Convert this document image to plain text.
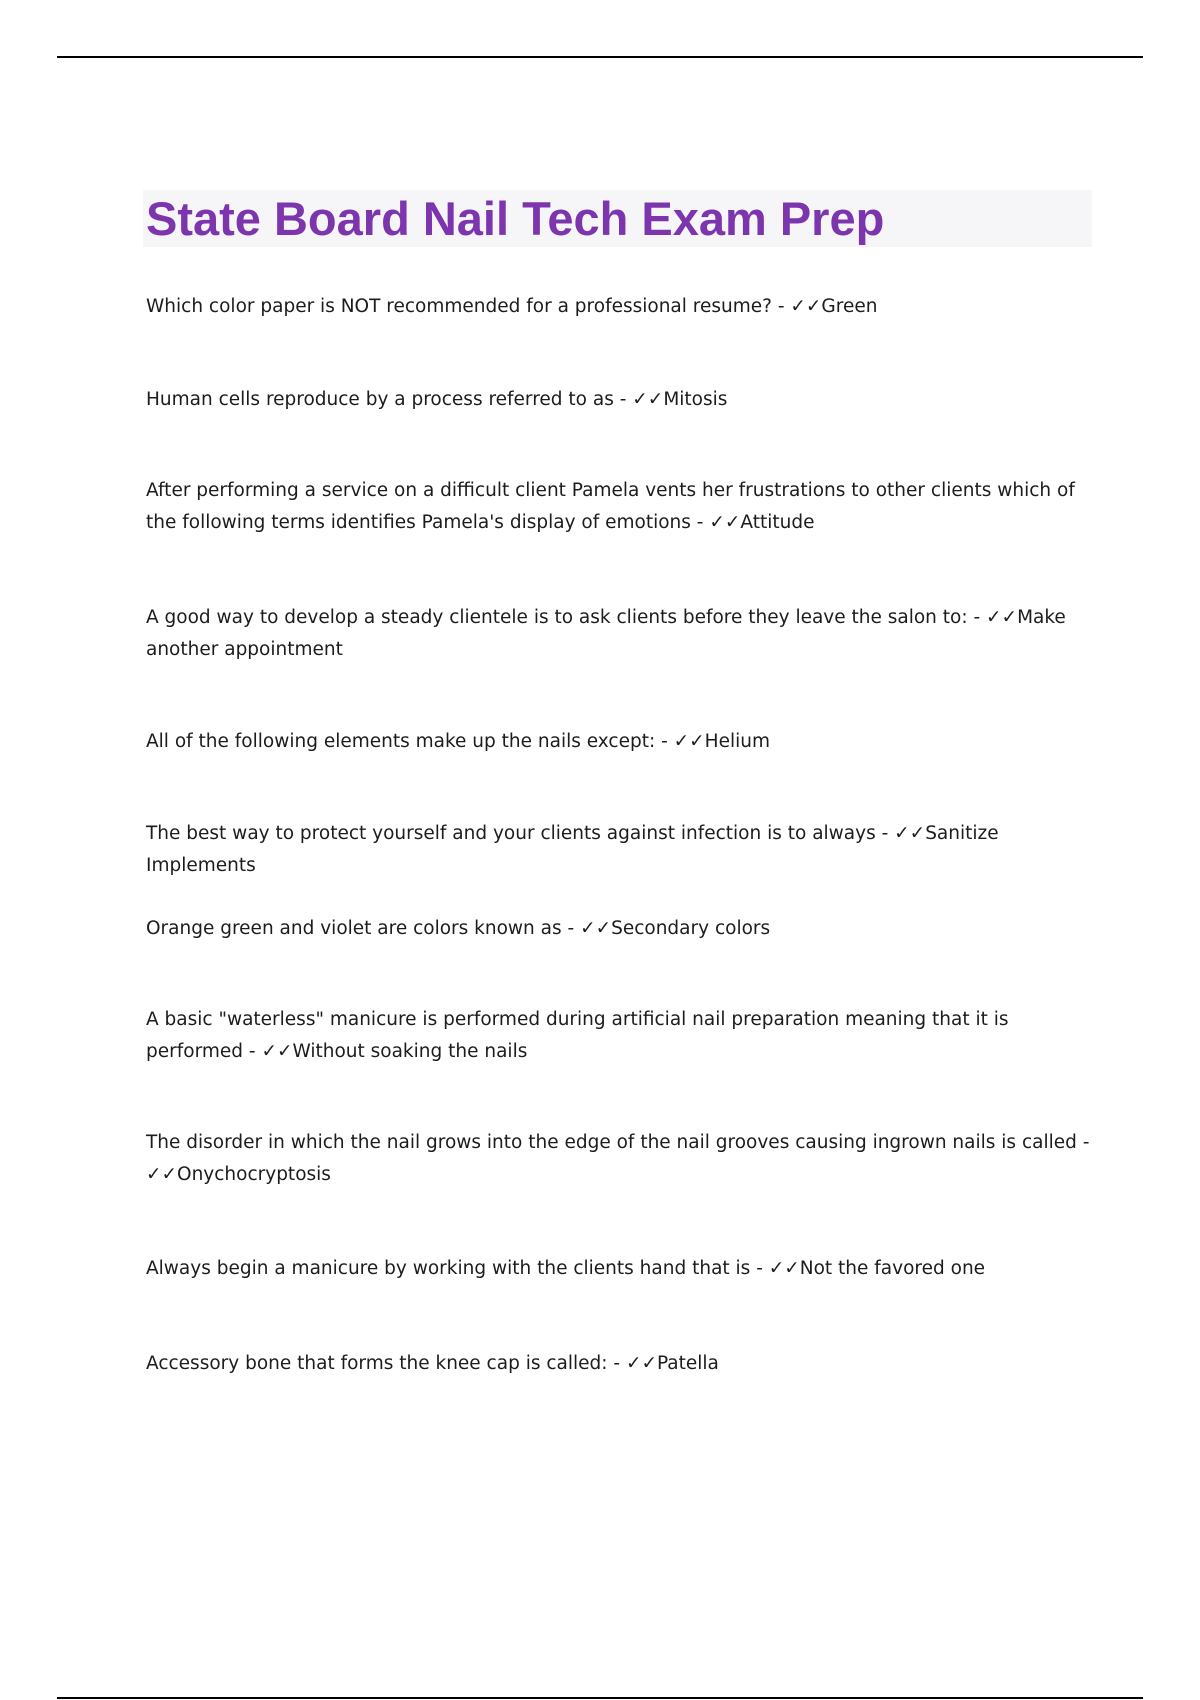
State Board Nail Tech Exam Prep

Which color paper is NOT recommended for a professional resume? - ✓✓Green

Human cells reproduce by a process referred to as - ✓✓Mitosis

After performing a service on a difficult client Pamela vents her frustrations to other clients which of the following terms identifies Pamela's display of emotions - ✓✓Attitude

A good way to develop a steady clientele is to ask clients before they leave the salon to: - ✓✓Make another appointment

All of the following elements make up the nails except: - ✓✓Helium

The best way to protect yourself and your clients against infection is to always - ✓✓Sanitize Implements

Orange green and violet are colors known as - ✓✓Secondary colors

A basic "waterless" manicure is performed during artificial nail preparation meaning that it is performed - ✓✓Without soaking the nails

The disorder in which the nail grows into the edge of the nail grooves causing ingrown nails is called - ✓✓Onychocryptosis

Always begin a manicure by working with the clients hand that is - ✓✓Not the favored one

Accessory bone that forms the knee cap is called: - ✓✓Patella
